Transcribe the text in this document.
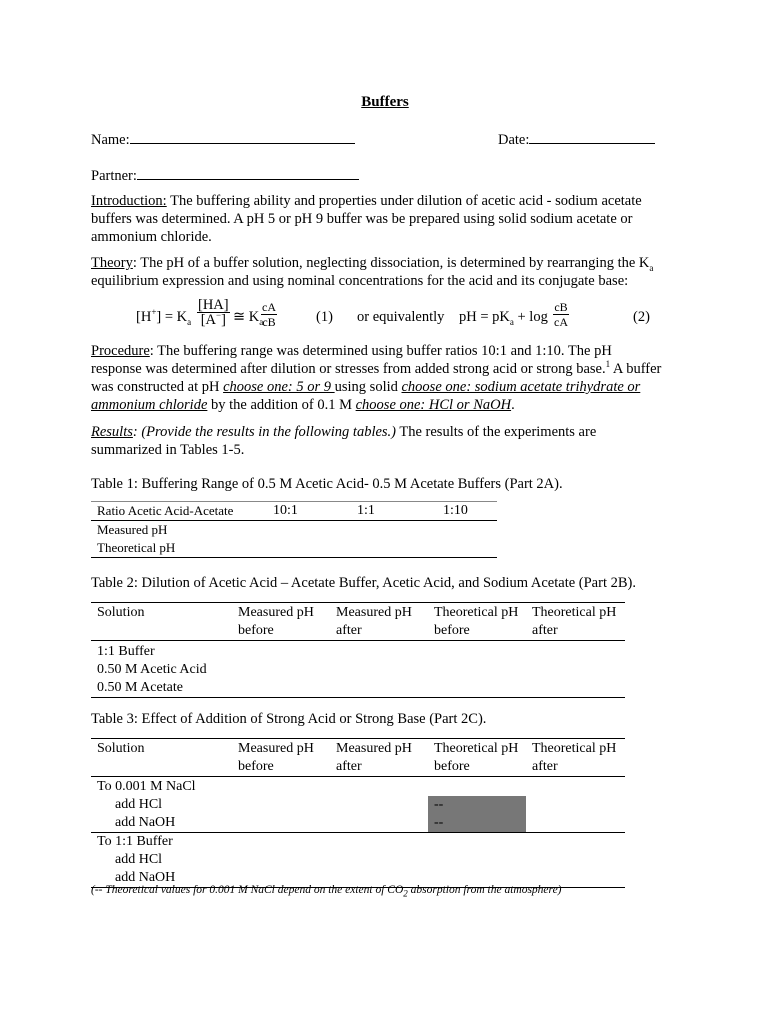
Buffers
Name:	Date:
Partner:
Introduction: The buffering ability and properties under dilution of acetic acid - sodium acetate buffers was determined. A pH 5 or pH 9 buffer was be prepared using solid sodium acetate or ammonium chloride.
Theory: The pH of a buffer solution, neglecting dissociation, is determined by rearranging the $K_a$ equilibrium expression and using nominal concentrations for the acid and its conjugate base:
$[H^+] = K_a \frac{[HA]}{[A^-]}$ ≅ $K_a$
$\frac{cA}{cB}$	(1) or equivalently pH = $pK_a + \log \frac{cB}{cA}$	(2)
Procedure: The buffering range was determined using buffer ratios 10:1 and 1:10. The pH response was determined after dilution or stresses from added strong acid or strong base.$^1$ A buffer was constructed at pH choose one: 5 or 9 using solid choose one: sodium acetate trihydrate or ammonium chloride by the addition of 0.1 M choose one: HCl or NaOH.
Results: (Provide the results in the following tables.) The results of the experiments are summarized in Tables 1-5.
Table 1: Buffering Range of 0.5 M Acetic Acid- 0.5 M Acetate Buffers (Part 2A).
Ratio Acetic Acid-Acetate	10:1	1:1	1:10
Measured pH			
Theoretical pH			
Table 2: Dilution of Acetic Acid – Acetate Buffer, Acetic Acid, and Sodium Acetate (Part 2B).
Solution	Measured pH before	Measured pH after	Theoretical pH before	Theoretical pH after
1:1 Buffer				
0.50 M Acetic Acid				
0.50 M Acetate				
Table 3: Effect of Addition of Strong Acid or Strong Base (Part 2C).
Solution	Measured pH before	Measured pH after	Theoretical pH before	Theoretical pH after
To 0.001 M NaCl				
add HCl			--	
add NaOH			--	
To 1:1 Buffer				
add HCl				
add NaOH				
(-- Theoretical values for 0.001 M NaCl depend on the extent of $CO_2$ absorption from the atmosphere)
